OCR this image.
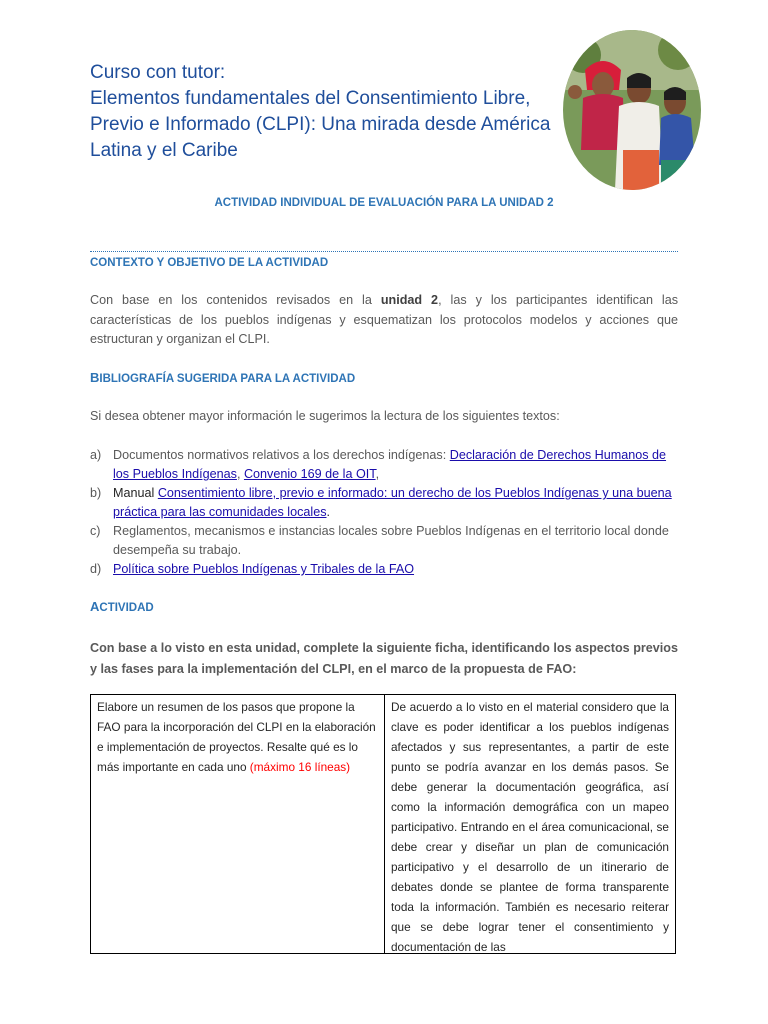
Curso con tutor:
Elementos fundamentales del Consentimiento Libre,
Previo e Informado (CLPI): Una mirada desde América
Latina y el Caribe
ACTIVIDAD INDIVIDUAL DE EVALUACIÓN PARA LA UNIDAD 2
CONTEXTO Y OBJETIVO DE LA ACTIVIDAD
Con base en los contenidos revisados en la unidad 2, las y los participantes identifican las características de los pueblos indígenas y esquematizan los protocolos modelos y acciones que estructuran y organizan el CLPI.
BIBLIOGRAFÍA SUGERIDA PARA LA ACTIVIDAD
Si desea obtener mayor información le sugerimos la lectura de los siguientes textos:
a) Documentos normativos relativos a los derechos indígenas: Declaración de Derechos Humanos de los Pueblos Indígenas, Convenio 169 de la OIT,
b) Manual Consentimiento libre, previo e informado: un derecho de los Pueblos Indígenas y una buena práctica para las comunidades locales.
c) Reglamentos, mecanismos e instancias locales sobre Pueblos Indígenas en el territorio local donde desempeña su trabajo.
d) Política sobre Pueblos Indígenas y Tribales de la FAO
ACTIVIDAD
Con base a lo visto en esta unidad, complete la siguiente ficha, identificando los aspectos previos y las fases para la implementación del CLPI, en el marco de la propuesta de FAO:
Elabore un resumen de los pasos que propone la FAO para la incorporación del CLPI en la elaboración e implementación de proyectos. Resalte qué es lo más importante en cada uno (máximo 16 líneas)
De acuerdo a lo visto en el material considero que la clave es poder identificar a los pueblos indígenas afectados y sus representantes, a partir de este punto se podría avanzar en los demás pasos. Se debe generar la documentación geográfica, así como la información demográfica con un mapeo participativo. Entrando en el área comunicacional, se debe crear y diseñar un plan de comunicación participativo y el desarrollo de un itinerario de debates donde se plantee de forma transparente toda la información. También es necesario reiterar que se debe lograr tener el consentimiento y documentación de las
